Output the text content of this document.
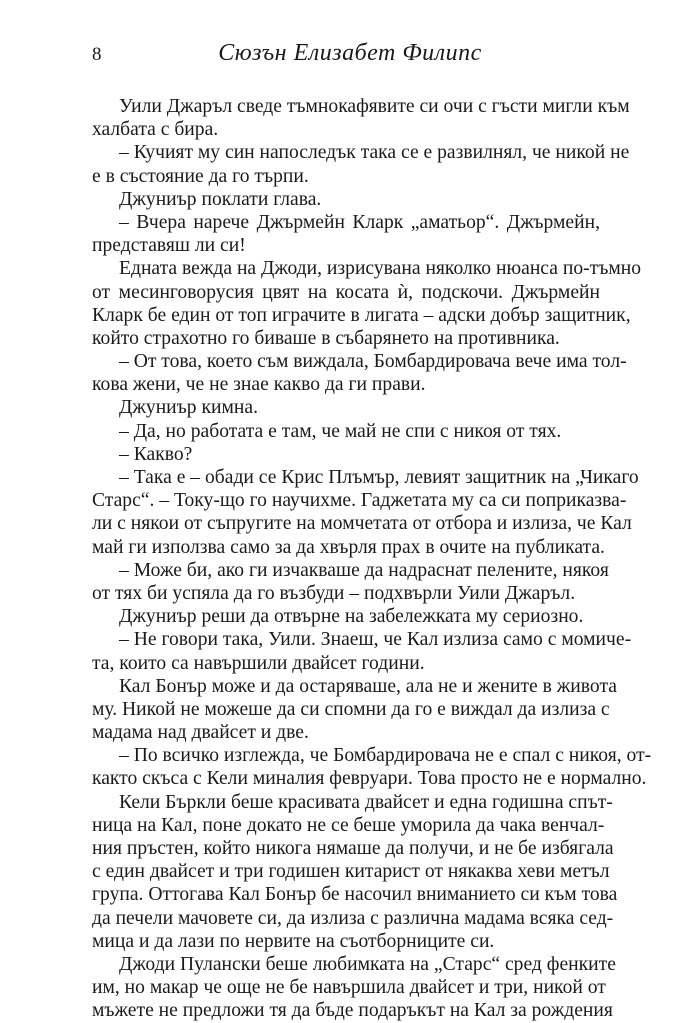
8	Сюзън Елизабет Филипс
Уили Джаръл сведе тъмнокафявите си очи с гъсти мигли към
халбата с бира.
– Кучият му син напоследък така се е развилнял, че никой не
е в състояние да го търпи.
Джуниър поклати глава.
– Вчера нарече Джърмейн Кларк „аматьор“. Джърмейн,
представяш ли си!
Едната вежда на Джоди, изрисувана няколко нюанса по-тъмно
от месинговорусия цвят на косата ѝ, подскочи. Джърмейн
Кларк бе един от топ играчите в лигата – адски добър защитник,
който страхотно го биваше в събарянето на противника.
– От това, което съм виждала, Бомбардировача вече има тол-
кова жени, че не знае какво да ги прави.
Джуниър кимна.
– Да, но работата е там, че май не спи с никоя от тях.
– Какво?
– Така е – обади се Крис Плъмър, левият защитник на „Чикаго
Старс“. – Току-що го научихме. Гаджетата му са си поприказва-
ли с някои от съпругите на момчетата от отбора и излиза, че Кал
май ги използва само за да хвърля прах в очите на публиката.
– Може би, ако ги изчакваше да надраснат пелените, някоя
от тях би успяла да го възбуди – подхвърли Уили Джаръл.
Джуниър реши да отвърне на забележката му сериозно.
– Не говори така, Уили. Знаеш, че Кал излиза само с момиче-
та, които са навършили двайсет години.
Кал Бонър може и да остаряваше, ала не и жените в живота
му. Никой не можеше да си спомни да го е виждал да излиза с
мадама над двайсет и две.
– По всичко изглежда, че Бомбардировача не е спал с никоя, от-
както скъса с Кели миналия февруари. Това просто не е нормално.
Кели Бъркли беше красивата двайсет и една годишна спът-
ница на Кал, поне докато не се беше уморила да чака венчал-
ния пръстен, който никога нямаше да получи, и не бе избягала
с един двайсет и три годишен китарист от някаква хеви метъл
група. Оттогава Кал Бонър бе насочил вниманието си към това
да печели мачовете си, да излиза с различна мадама всяка сед-
мица и да лази по нервите на съотборниците си.
Джоди Пулански беше любимката на „Старс“ сред фенките
им, но макар че още не бе навършила двайсет и три, никой от
мъжете не предложи тя да бъде подаръкът на Кал за рождения
